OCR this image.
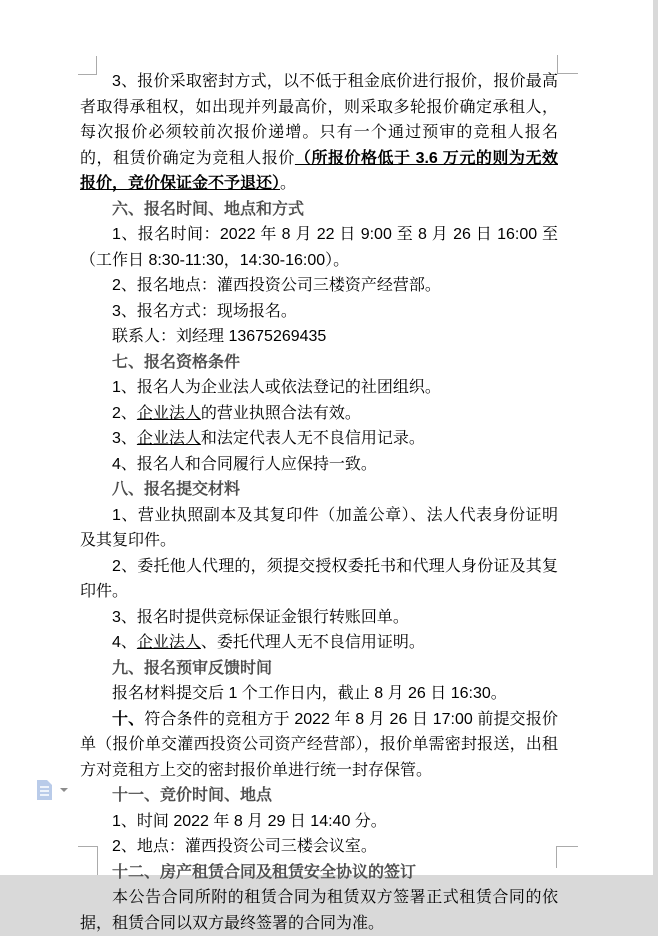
3、报价采取密封方式，以不低于租金底价进行报价，报价最高者取得承租权，如出现并列最高价，则采取多轮报价确定承租人，每次报价必须较前次报价递增。只有一个通过预审的竞租人报名的，租赁价确定为竞租人报价（所报价格低于 3.6 万元的则为无效报价，竞价保证金不予退还）。

六、报名时间、地点和方式

1、报名时间：2022 年 8 月 22 日 9:00 至 8 月 26 日 16:00 至（工作日 8:30-11:30，14:30-16:00）。

2、报名地点：灌西投资公司三楼资产经营部。

3、报名方式：现场报名。

联系人：刘经理 13675269435

七、报名资格条件

1、报名人为企业法人或依法登记的社团组织。

2、企业法人的营业执照合法有效。

3、企业法人和法定代表人无不良信用记录。

4、报名人和合同履行人应保持一致。

八、报名提交材料

1、营业执照副本及其复印件（加盖公章）、法人代表身份证明及其复印件。

2、委托他人代理的，须提交授权委托书和代理人身份证及其复印件。

3、报名时提供竞标保证金银行转账回单。

4、企业法人、委托代理人无不良信用证明。

九、报名预审反馈时间

报名材料提交后 1 个工作日内，截止 8 月 26 日 16:30。

十、符合条件的竞租方于 2022 年 8 月 26 日 17:00 前提交报价单（报价单交灌西投资公司资产经营部），报价单需密封报送，出租方对竞租方上交的密封报价单进行统一封存保管。

十一、竞价时间、地点

1、时间 2022 年 8 月 29 日 14:40 分。

2、地点：灌西投资公司三楼会议室。

十二、房产租赁合同及租赁安全协议的签订

本公告合同所附的租赁合同为租赁双方签署正式租赁合同的依据，租赁合同以双方最终签署的合同为准。
